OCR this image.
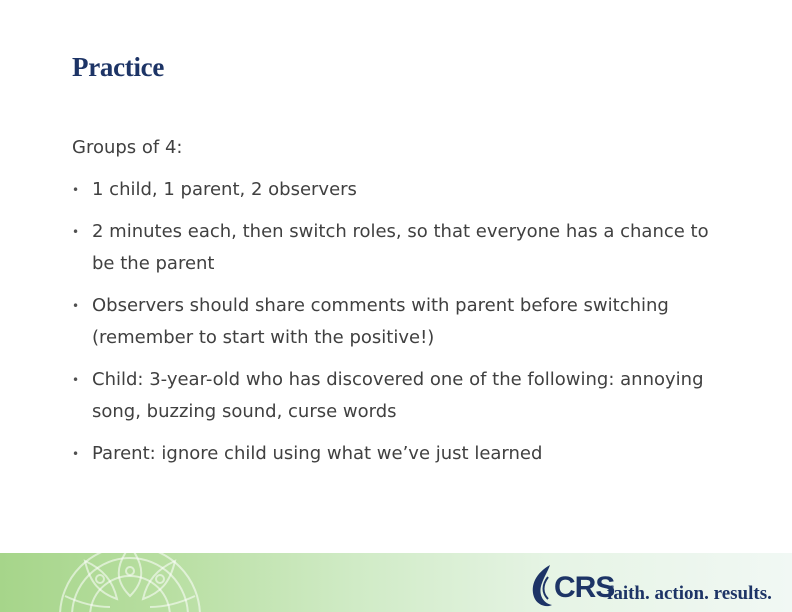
Practice

Groups of 4:

• 1 child, 1 parent, 2 observers
• 2 minutes each, then switch roles, so that everyone has a chance to be the parent
• Observers should share comments with parent before switching (remember to start with the positive!)
• Child: 3-year-old who has discovered one of the following: annoying song, buzzing sound, curse words
• Parent: ignore child using what we’ve just learned
CRS
faith. action. results.
